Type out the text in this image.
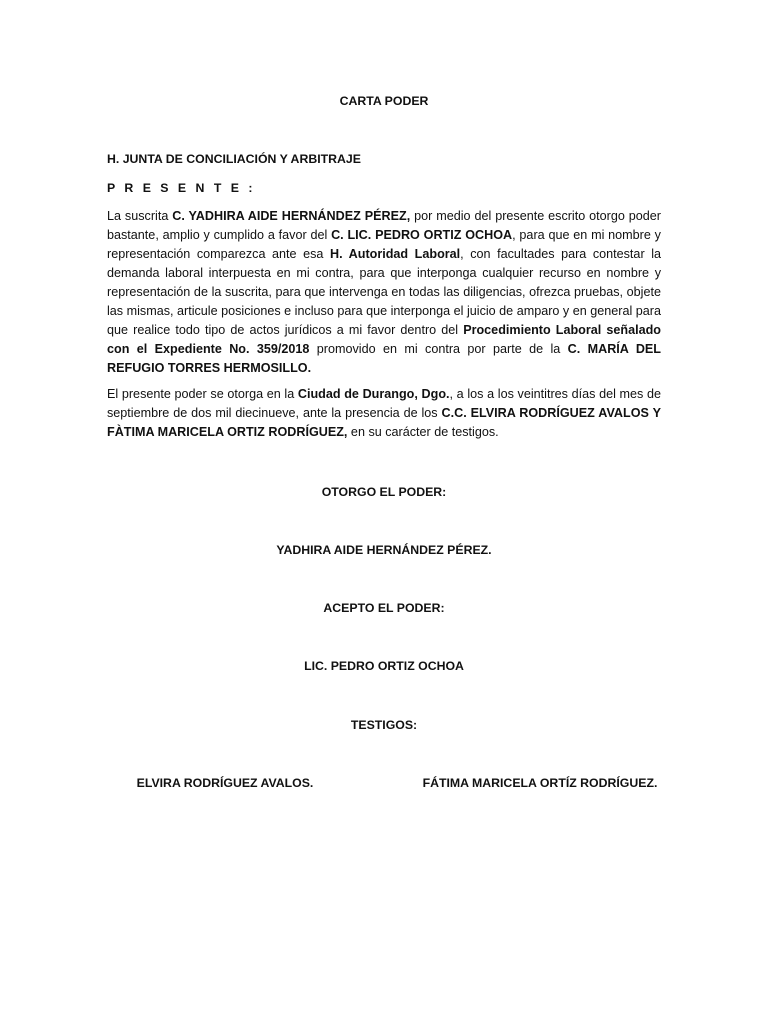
CARTA PODER
H. JUNTA DE CONCILIACIÓN Y ARBITRAJE
P R E S E N T E :
La suscrita C. YADHIRA AIDE HERNÁNDEZ PÉREZ, por medio del presente escrito otorgo poder bastante, amplio y cumplido a favor del C. LIC. PEDRO ORTIZ OCHOA, para que en mi nombre y representación comparezca ante esa H. Autoridad Laboral, con facultades para contestar la demanda laboral interpuesta en mi contra, para que interponga cualquier recurso en nombre y representación de la suscrita, para que intervenga en todas las diligencias, ofrezca pruebas, objete las mismas, articule posiciones e incluso para que interponga el juicio de amparo y en general para que realice todo tipo de actos jurídicos a mi favor dentro del Procedimiento Laboral señalado con el Expediente No. 359/2018 promovido en mi contra por parte de la C. MARÍA DEL REFUGIO TORRES HERMOSILLO.
El presente poder se otorga en la Ciudad de Durango, Dgo., a los a los veintitres días del mes de septiembre de dos mil diecinueve, ante la presencia de los C.C. ELVIRA RODRÍGUEZ AVALOS Y FÀTIMA MARICELA ORTIZ RODRÍGUEZ, en su carácter de testigos.
OTORGO EL PODER:
YADHIRA AIDE HERNÁNDEZ PÉREZ.
ACEPTO EL PODER:
LIC. PEDRO ORTIZ OCHOA
TESTIGOS:
ELVIRA RODRÍGUEZ AVALOS.	FÁTIMA MARICELA ORTÍZ RODRÍGUEZ.
